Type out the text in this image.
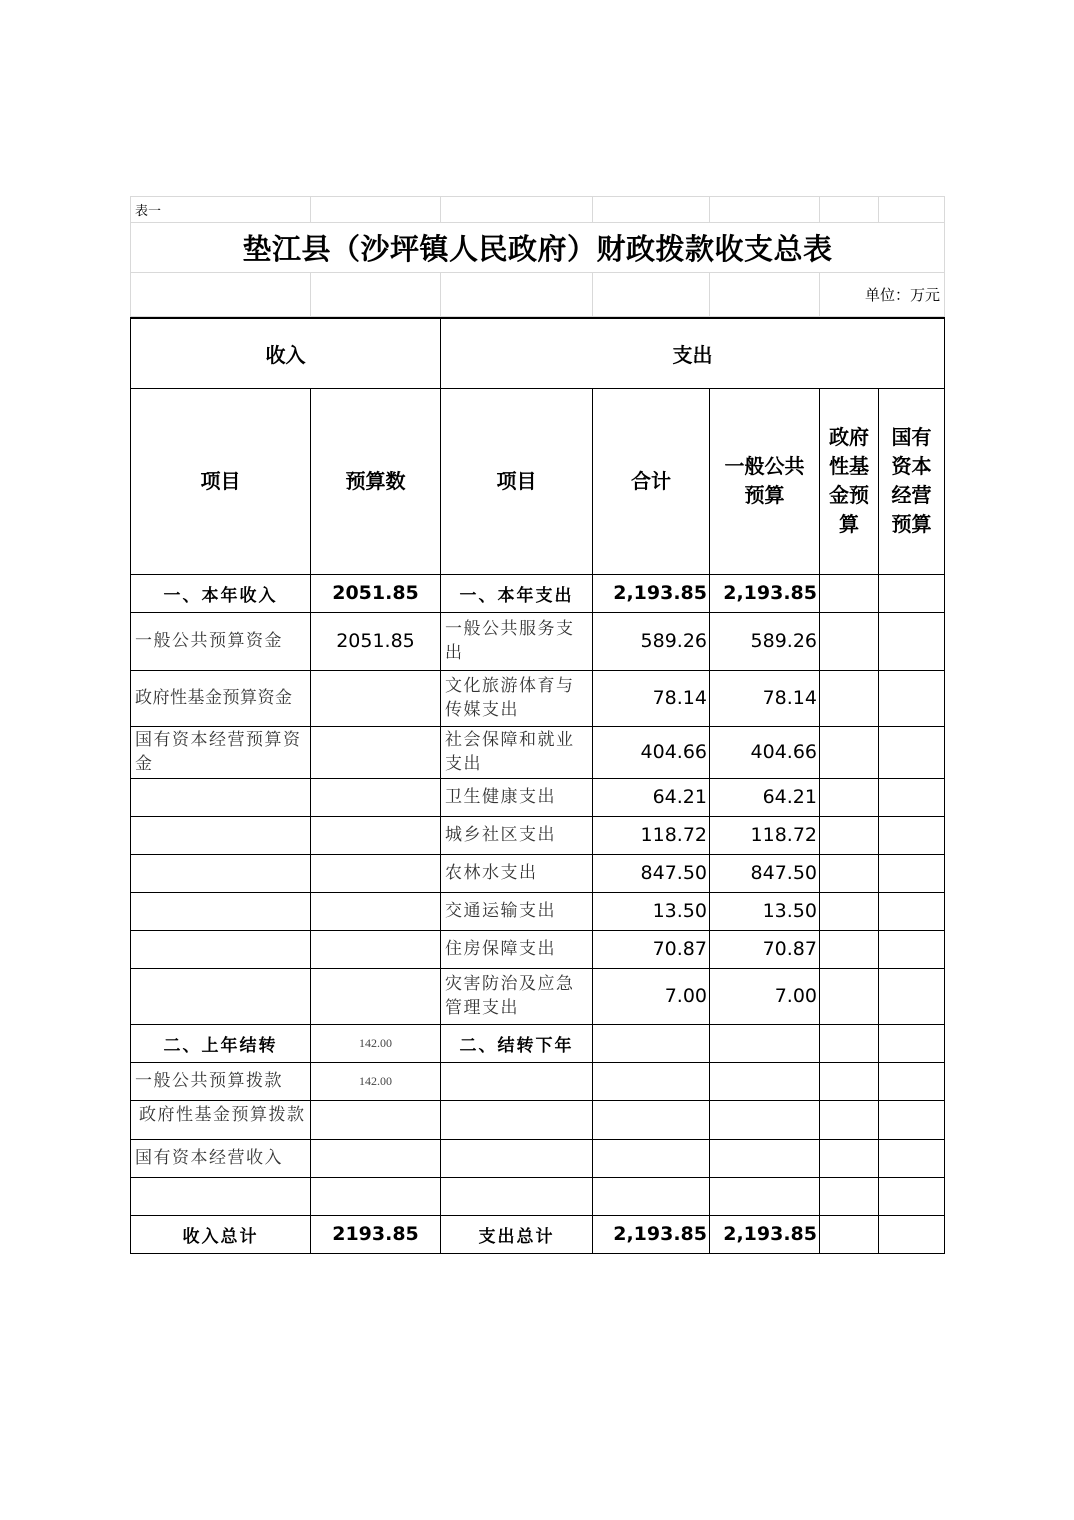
表一						
垫江县（沙坪镇人民政府）财政拨款收支总表						
					单位：万元	
收入		支出				
项目	预算数	项目	合计	一般公共预算	政府性基金预算	国有资本经营预算
一、本年收入	2051.85	一、本年支出	2,193.85	2,193.85		
一般公共预算资金	2051.85	一般公共服务支出	589.26	589.26		
政府性基金预算资金		文化旅游体育与传媒支出	78.14	78.14		
国有资本经营预算资金		社会保障和就业支出	404.66	404.66		
		卫生健康支出	64.21	64.21		
		城乡社区支出	118.72	118.72		
		农林水支出	847.50	847.50		
		交通运输支出	13.50	13.50		
		住房保障支出	70.87	70.87		
		灾害防治及应急管理支出	7.00	7.00		
二、上年结转	142.00	二、结转下年				
一般公共预算拨款	142.00					

政府性基金预算拨款						

国有资本经营收入						

收入总计	2193.85	支出总计	2,193.85	2,193.85		
